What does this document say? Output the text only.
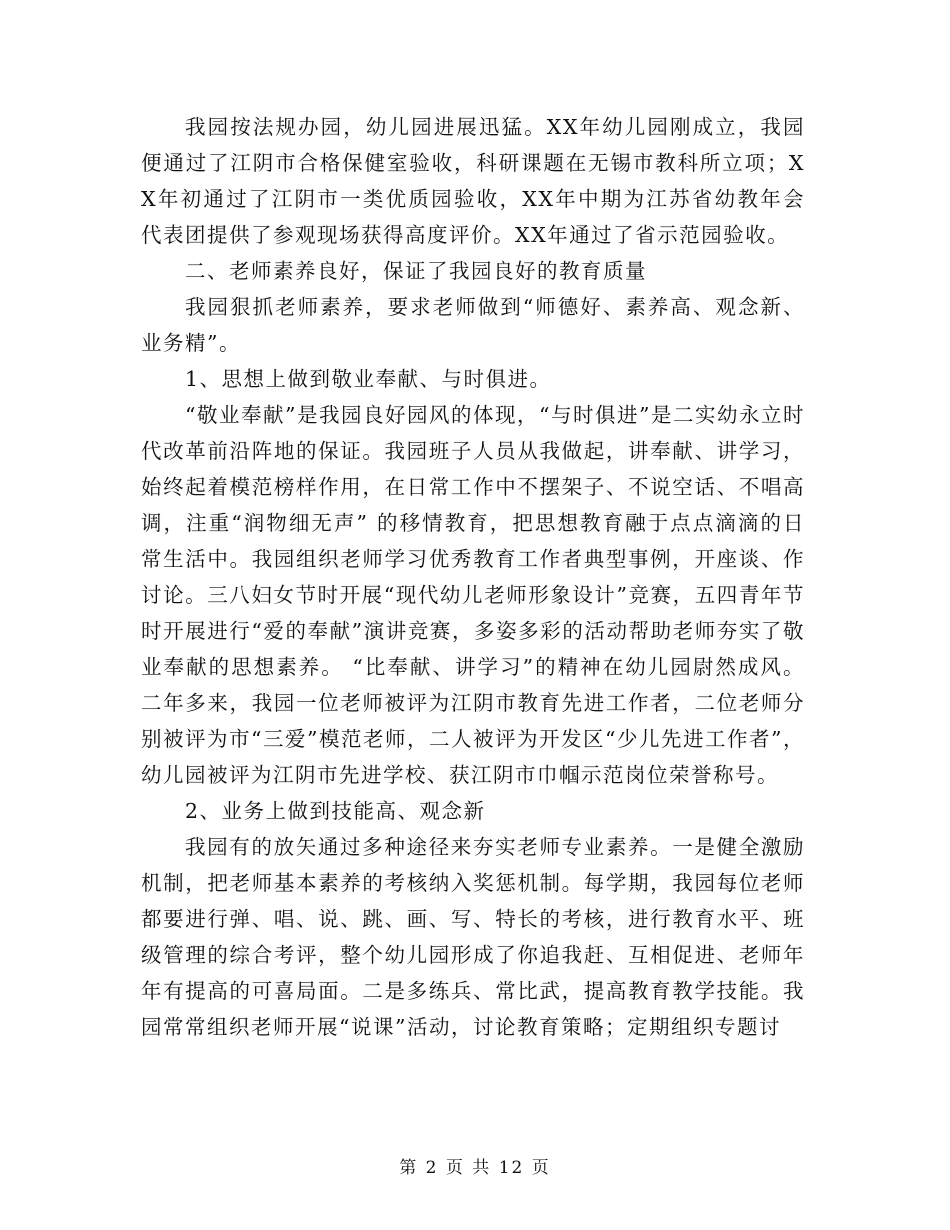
我园按法规办园，幼儿园进展迅猛。XX年幼儿园刚成立，我园便通过了江阴市合格保健室验收，科研课题在无锡市教科所立项；XX年初通过了江阴市一类优质园验收，XX年中期为江苏省幼教年会代表团提供了参观现场获得高度评价。XX年通过了省示范园验收。

二、老师素养良好，保证了我园良好的教育质量

我园狠抓老师素养，要求老师做到“师德好、素养高、观念新、业务精”。

1、思想上做到敬业奉献、与时俱进。

“敬业奉献”是我园良好园风的体现，“与时俱进”是二实幼永立时代改革前沿阵地的保证。我园班子人员从我做起，讲奉献、讲学习，始终起着模范榜样作用，在日常工作中不摆架子、不说空话、不唱高调，注重“润物细无声” 的移情教育，把思想教育融于点点滴滴的日常生活中。我园组织老师学习优秀教育工作者典型事例，开座谈、作讨论。三八妇女节时开展“现代幼儿老师形象设计”竞赛，五四青年节时开展进行“爱的奉献”演讲竞赛，多姿多彩的活动帮助老师夯实了敬业奉献的思想素养。 “比奉献、讲学习”的精神在幼儿园尉然成风。二年多来，我园一位老师被评为江阴市教育先进工作者，二位老师分别被评为市“三爱”模范老师，二人被评为开发区“少儿先进工作者”，幼儿园被评为江阴市先进学校、获江阴市巾帼示范岗位荣誉称号。

2、业务上做到技能高、观念新

我园有的放矢通过多种途径来夯实老师专业素养。一是健全激励机制，把老师基本素养的考核纳入奖惩机制。每学期，我园每位老师都要进行弹、唱、说、跳、画、写、特长的考核，进行教育水平、班级管理的综合考评，整个幼儿园形成了你追我赶、互相促进、老师年年有提高的可喜局面。二是多练兵、常比武，提高教育教学技能。我园常常组织老师开展“说课”活动，讨论教育策略；定期组织专题讨

第 2 页 共 12 页
